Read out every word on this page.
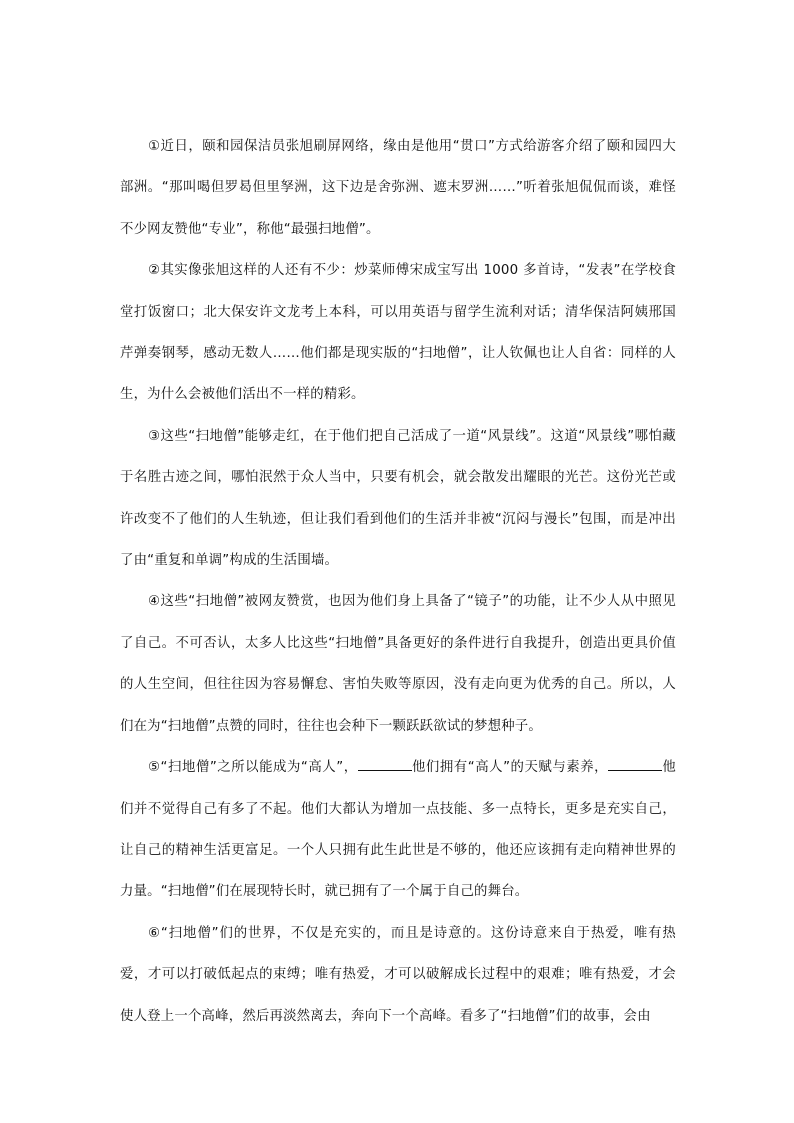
①近日，颐和园保洁员张旭刷屏网络，缘由是他用“贯口”方式给游客介绍了颐和园四大部洲。“那叫喝但罗曷但里孥洲，这下边是舍弥洲、遮末罗洲……”听着张旭侃侃而谈，难怪不少网友赞他“专业”，称他“最强扫地僧”。

②其实像张旭这样的人还有不少：炒菜师傅宋成宝写出 1000 多首诗，“发表”在学校食堂打饭窗口；北大保安许文龙考上本科，可以用英语与留学生流利对话；清华保洁阿姨邢国芹弹奏钢琴，感动无数人……他们都是现实版的“扫地僧”，让人钦佩也让人自省：同样的人生，为什么会被他们活出不一样的精彩。

③这些“扫地僧”能够走红，在于他们把自己活成了一道“风景线”。这道“风景线”哪怕藏于名胜古迹之间，哪怕泯然于众人当中，只要有机会，就会散发出耀眼的光芒。这份光芒或许改变不了他们的人生轨迹，但让我们看到他们的生活并非被“沉闷与漫长”包围，而是冲出了由“重复和单调”构成的生活围墙。

④这些“扫地僧”被网友赞赏，也因为他们身上具备了“镜子”的功能，让不少人从中照见了自己。不可否认，太多人比这些“扫地僧”具备更好的条件进行自我提升，创造出更具价值的人生空间，但往往因为容易懈怠、害怕失败等原因，没有走向更为优秀的自己。所以，人们在为“扫地僧”点赞的同时，往往也会种下一颗跃跃欲试的梦想种子。

⑤“扫地僧”之所以能成为“高人”，	他们拥有“高人”的天赋与素养，	他们并不觉得自己有多了不起。他们大都认为增加一点技能、多一点特长，更多是充实自己，让自己的精神生活更富足。一个人只拥有此生此世是不够的，他还应该拥有走向精神世界的力量。“扫地僧”们在展现特长时，就已拥有了一个属于自己的舞台。

⑥“扫地僧”们的世界，不仅是充实的，而且是诗意的。这份诗意来自于热爱，唯有热爱，才可以打破低起点的束缚；唯有热爱，才可以破解成长过程中的艰难；唯有热爱，才会使人登上一个高峰，然后再淡然离去，奔向下一个高峰。看多了“扫地僧”们的故事，会由
